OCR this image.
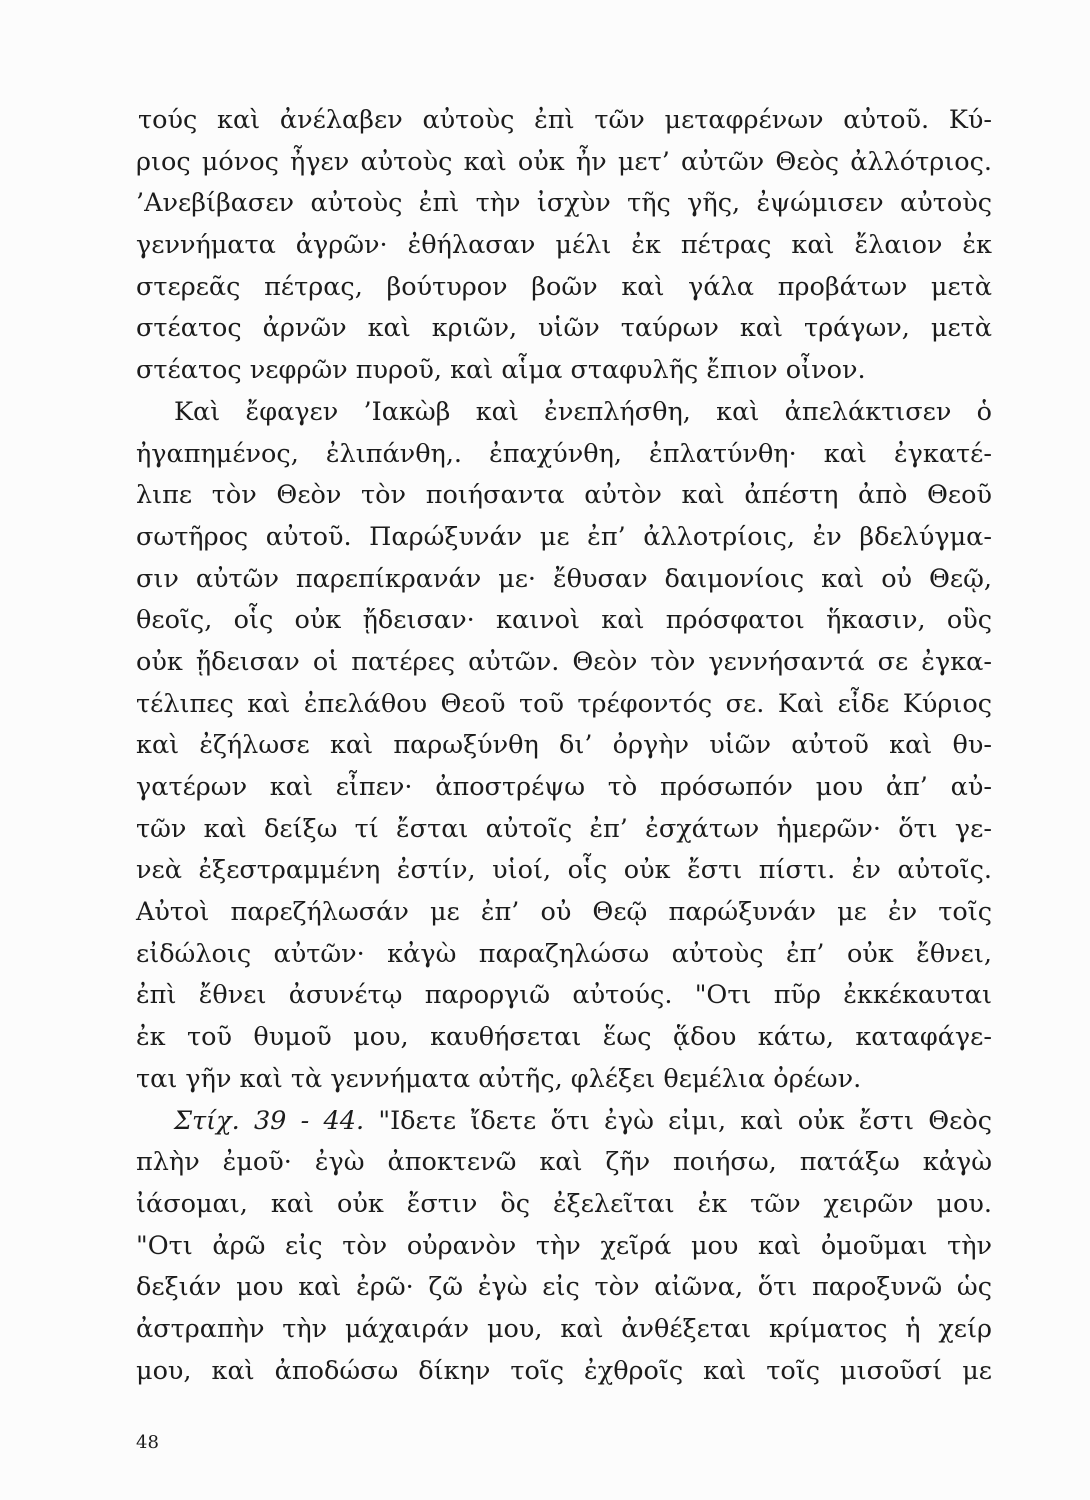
τούς καὶ ἀνέλαβεν αὐτοὺς ἐπὶ τῶν μεταφρένων αὐτοῦ. Κύ-
ριος μόνος ἦγεν αὐτοὺς καὶ οὐκ ἦν μετ’ αὐτῶν Θεὸς ἀλλότριος.
’Ανεβίβασεν αὐτοὺς ἐπὶ τὴν ἰσχὺν τῆς γῆς, ἐψώμισεν αὐτοὺς
γεννήματα ἀγρῶν· ἐθήλασαν μέλι ἐκ πέτρας καὶ ἔλαιον ἐκ
στερεᾶς πέτρας, βούτυρον βοῶν καὶ γάλα προβάτων μετὰ
στέατος ἀρνῶν καὶ κριῶν, υἱῶν ταύρων καὶ τράγων, μετὰ
στέατος νεφρῶν πυροῦ, καὶ αἷμα σταφυλῆς ἔπιον οἶνον.
Καὶ ἔφαγεν ’Ιακὼβ καὶ ἐνεπλήσθη, καὶ ἀπελάκτισεν ὁ
ἠγαπημένος, ἐλιπάνθη,. ἐπαχύνθη, ἐπλατύνθη· καὶ ἐγκατέ-
λιπε τὸν Θεὸν τὸν ποιήσαντα αὐτὸν καὶ ἀπέστη ἀπὸ Θεοῦ
σωτῆρος αὐτοῦ. Παρώξυνάν με ἐπ’ ἀλλοτρίοις, ἐν βδελύγμα-
σιν αὐτῶν παρεπίκρανάν με· ἔθυσαν δαιμονίοις καὶ οὐ Θεῷ,
θεοῖς, οἷς οὐκ ᾔδεισαν· καινοὶ καὶ πρόσφατοι ἥκασιν, οὓς
οὐκ ᾔδεισαν οἱ πατέρες αὐτῶν. Θεὸν τὸν γεννήσαντά σε ἐγκα-
τέλιπες καὶ ἐπελάθου Θεοῦ τοῦ τρέφοντός σε. Καὶ εἶδε Κύριος
καὶ ἐζήλωσε καὶ παρωξύνθη δι’ ὀργὴν υἱῶν αὐτοῦ καὶ θυ-
γατέρων καὶ εἶπεν· ἀποστρέψω τὸ πρόσωπόν μου ἀπ’ αὐ-
τῶν καὶ δείξω τί ἔσται αὐτοῖς ἐπ’ ἐσχάτων ἡμερῶν· ὅτι γε-
νεὰ ἐξεστραμμένη ἐστίν, υἱοί, οἷς οὐκ ἔστι πίστι. ἐν αὐτοῖς.
Αὐτοὶ παρεζήλωσάν με ἐπ’ οὐ Θεῷ παρώξυνάν με ἐν τοῖς
εἰδώλοις αὐτῶν· κἀγὼ παραζηλώσω αὐτοὺς ἐπ’ οὐκ ἔθνει,
ἐπὶ ἔθνει ἀσυνέτῳ παροργιῶ αὐτούς. "Οτι πῦρ ἐκκέκαυται
ἐκ τοῦ θυμοῦ μου, καυθήσεται ἕως ᾅδου κάτω, καταφάγε-
ται γῆν καὶ τὰ γεννήματα αὐτῆς, φλέξει θεμέλια ὀρέων.
Στίχ. 39 - 44. "Ιδετε ἴδετε ὅτι ἐγὼ εἰμι, καὶ οὐκ ἔστι Θεὸς
πλὴν ἐμοῦ· ἐγὼ ἀποκτενῶ καὶ ζῆν ποιήσω, πατάξω κἀγὼ
ἰάσομαι, καὶ οὐκ ἔστιν ὃς ἐξελεῖται ἐκ τῶν χειρῶν μου.
"Οτι ἀρῶ εἰς τὸν οὐρανὸν τὴν χεῖρά μου καὶ ὀμοῦμαι τὴν
δεξιάν μου καὶ ἐρῶ· ζῶ ἐγὼ εἰς τὸν αἰῶνα, ὅτι παροξυνῶ ὡς
ἀστραπὴν τὴν μάχαιράν μου, καὶ ἀνθέξεται κρίματος ἡ χείρ
μου, καὶ ἀποδώσω δίκην τοῖς ἐχθροῖς καὶ τοῖς μισοῦσί με
48
